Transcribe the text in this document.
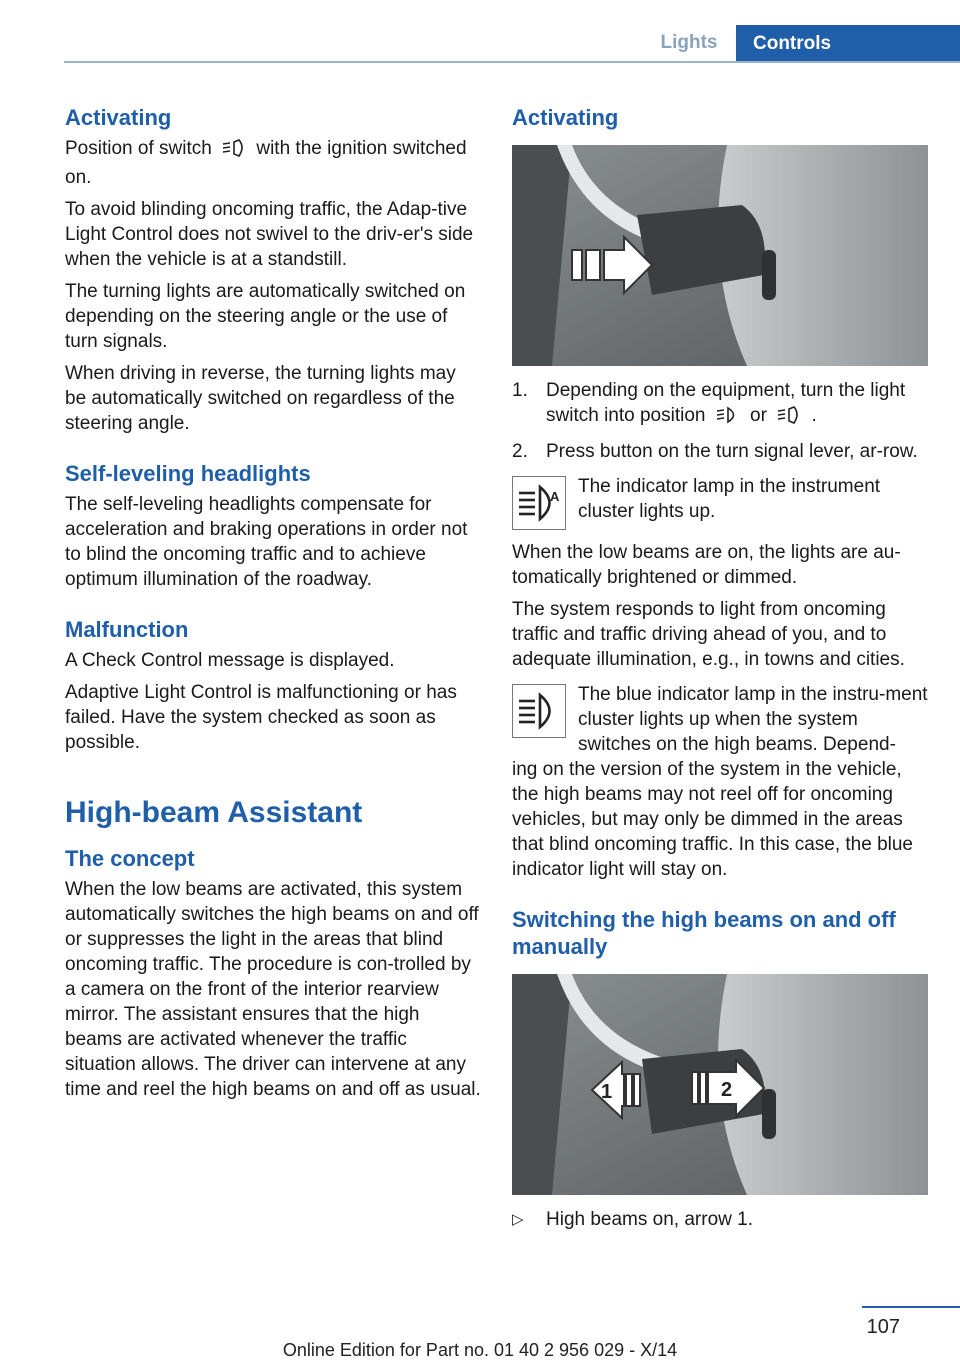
Lights	Controls
Activating

Position of switch with the ignition switched on.

To avoid blinding oncoming traffic, the Adap-tive Light Control does not swivel to the driv-er's side when the vehicle is at a standstill.

The turning lights are automatically switched on depending on the steering angle or the use of turn signals.

When driving in reverse, the turning lights may be automatically switched on regardless of the steering angle.

Self-leveling headlights

The self-leveling headlights compensate for acceleration and braking operations in order not to blind the oncoming traffic and to achieve optimum illumination of the roadway.

Malfunction

A Check Control message is displayed.

Adaptive Light Control is malfunctioning or has failed. Have the system checked as soon as possible.

High-beam Assistant
The concept

When the low beams are activated, this system automatically switches the high beams on and off or suppresses the light in the areas that blind oncoming traffic. The procedure is con-trolled by a camera on the front of the interior rearview mirror. The assistant ensures that the high beams are activated whenever the traffic situation allows. The driver can intervene at any time and reel the high beams on and off as usual.

Activating
1. Depending on the equipment, turn the light switch into position or .
2. Press button on the turn signal lever, ar-row.
A The indicator lamp in the instrument cluster lights up.

When the low beams are on, the lights are au-tomatically brightened or dimmed.

The system responds to light from oncoming traffic and traffic driving ahead of you, and to adequate illumination, e.g., in towns and cities.

The blue indicator lamp in the instru-ment cluster lights up when the system switches on the high beams. Depend-

ing on the version of the system in the vehicle, the high beams may not reel off for oncoming vehicles, but may only be dimmed in the areas that blind oncoming traffic. In this case, the blue indicator light will stay on.

Switching the high beams on and off manually
1	2
▷	High beams on, arrow 1.
107
Online Edition for Part no. 01 40 2 956 029 - X/14
